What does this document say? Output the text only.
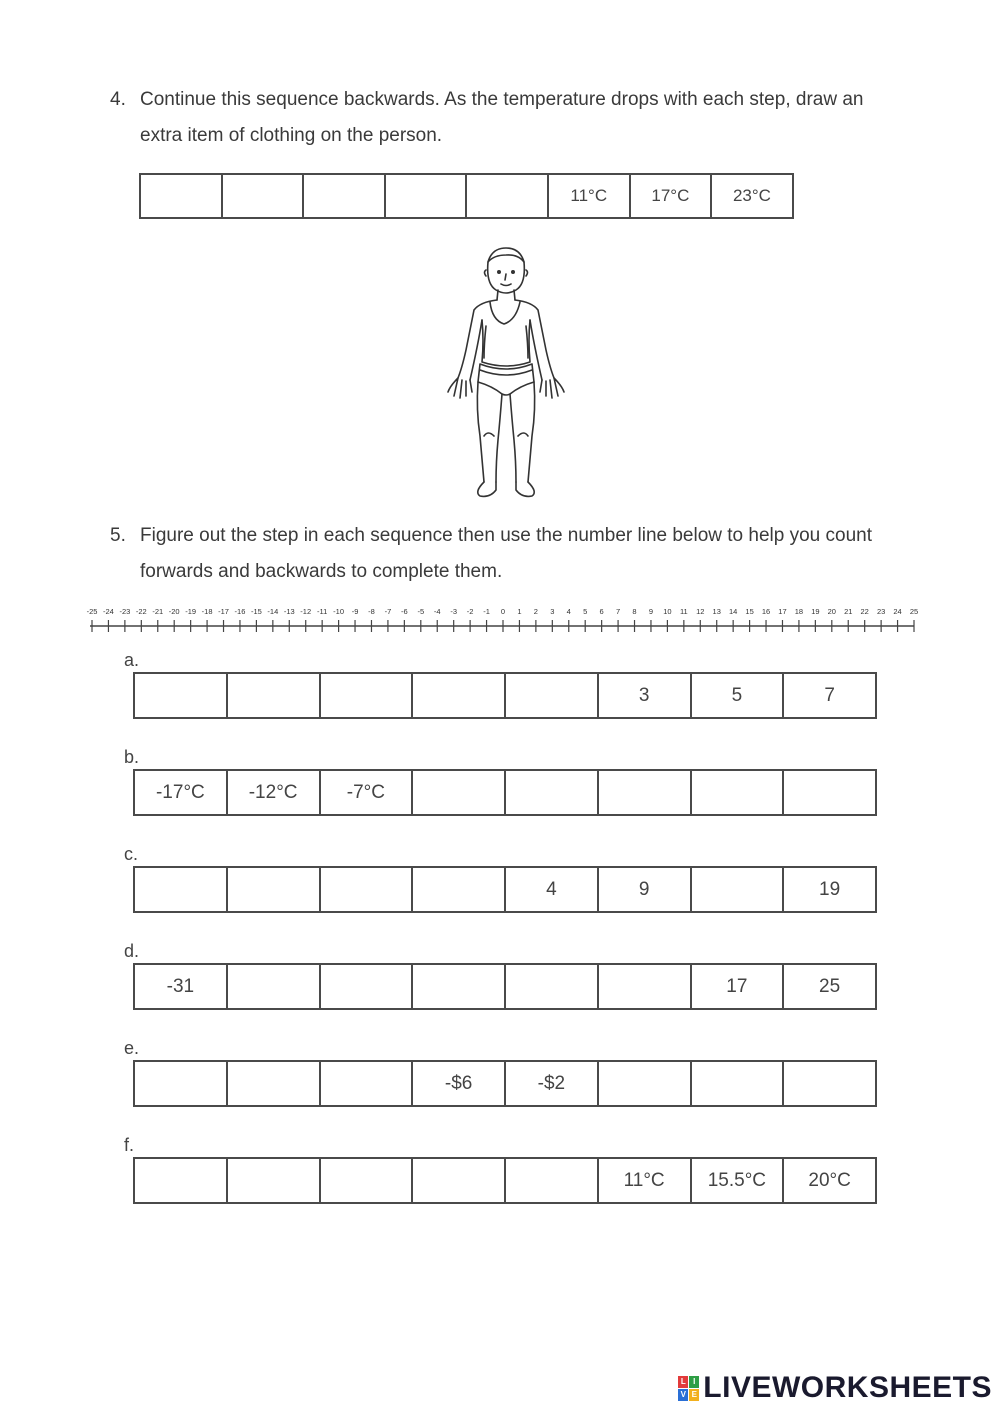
4. Continue this sequence backwards. As the temperature drops with each step, draw an
extra item of clothing on the person.
					11°C	17°C	23°C
5. Figure out the step in each sequence then use the number line below to help you count
forwards and backwards to complete them.
-25 -24 -23 -22 -21 -20 -19 -18 -17 -16 -15 -14 -13 -12 -11 -10 -9 -8 -7 -6 -5 -4 -3 -2 -1 0 1 2 3 4 5 6 7 8 9 10 11 12 13 14 15 16 17 18 19 20 21 22 23 24 25
a.
					3	5	7
b.
-17°C	-12°C	-7°C					
c.
				4	9		19
d.
-31						17	25
e.
			-$6	-$2			
f.
					11°C	15.5°C	20°C
L I
V E LIVEWORKSHEETS
